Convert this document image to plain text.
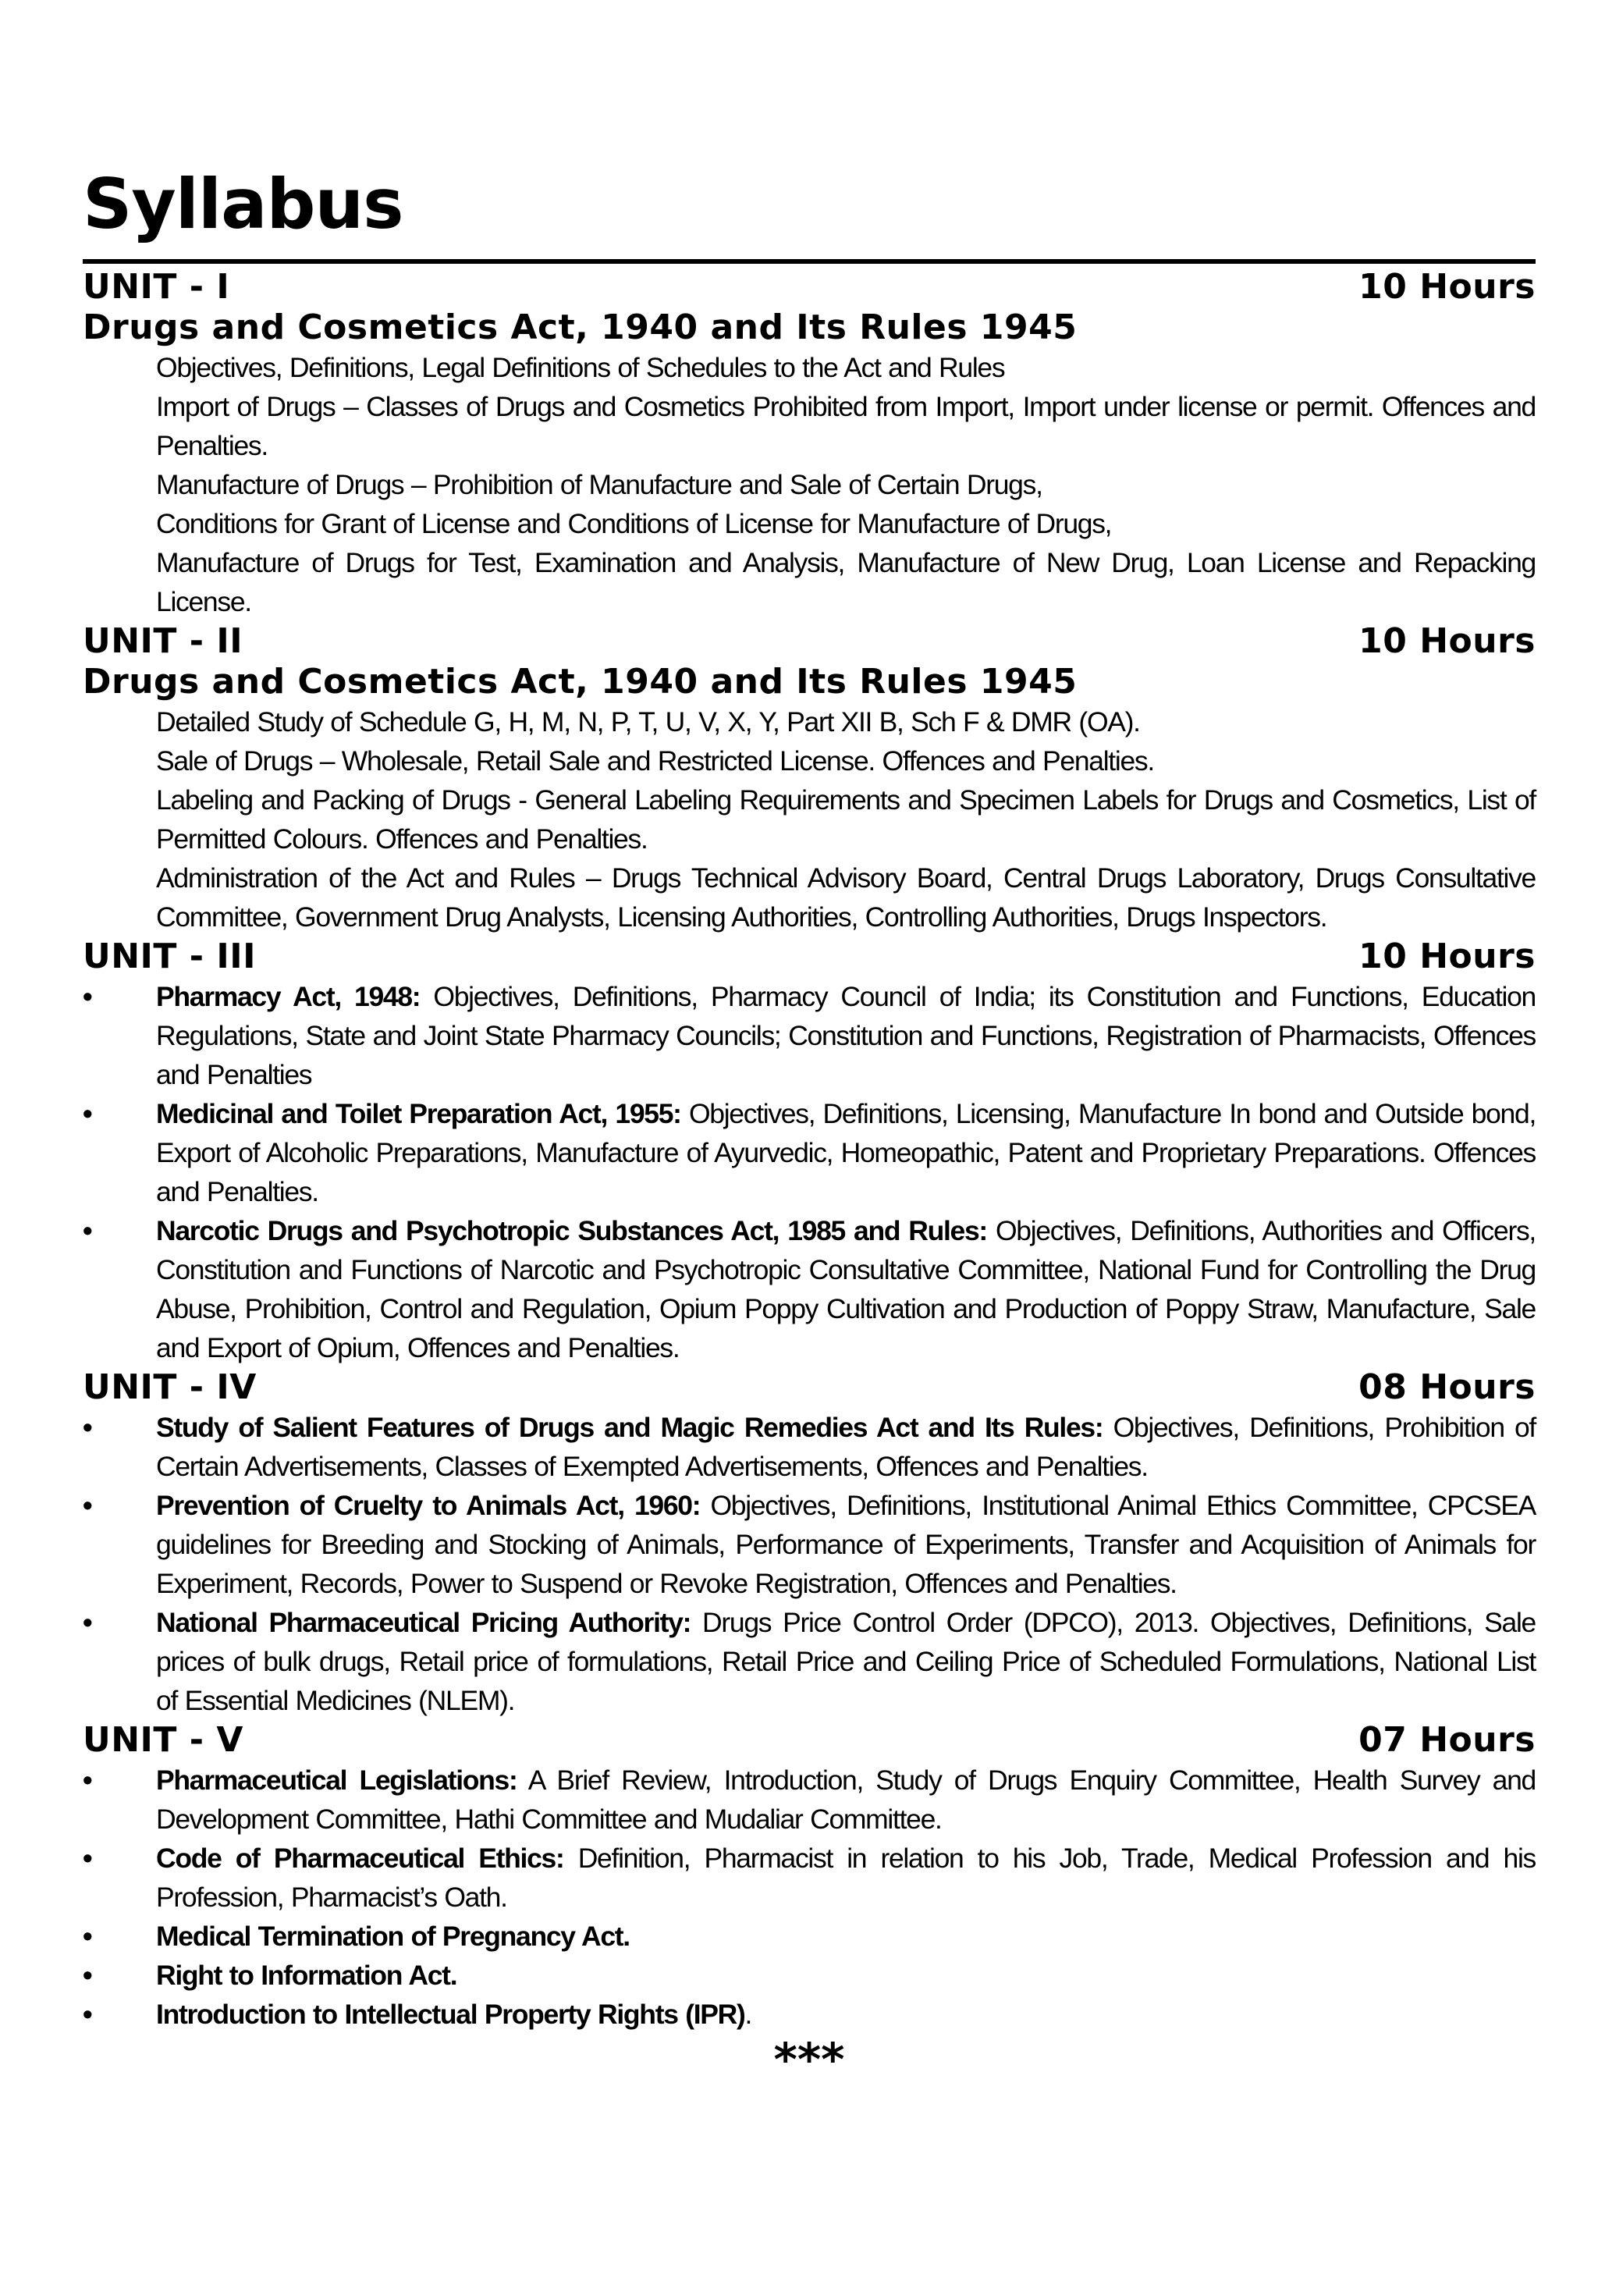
Syllabus
UNIT - I	10 Hours
Drugs and Cosmetics Act, 1940 and Its Rules 1945
Objectives, Definitions, Legal Definitions of Schedules to the Act and Rules
Import of Drugs – Classes of Drugs and Cosmetics Prohibited from Import, Import under license or permit. Offences and Penalties.
Manufacture of Drugs – Prohibition of Manufacture and Sale of Certain Drugs,
Conditions for Grant of License and Conditions of License for Manufacture of Drugs,
Manufacture of Drugs for Test, Examination and Analysis, Manufacture of New Drug, Loan License and Repacking License.
UNIT - II	10 Hours
Drugs and Cosmetics Act, 1940 and Its Rules 1945
Detailed Study of Schedule G, H, M, N, P, T, U, V, X, Y, Part XII B, Sch F & DMR (OA).
Sale of Drugs – Wholesale, Retail Sale and Restricted License. Offences and Penalties.
Labeling and Packing of Drugs - General Labeling Requirements and Specimen Labels for Drugs and Cosmetics, List of Permitted Colours. Offences and Penalties.
Administration of the Act and Rules – Drugs Technical Advisory Board, Central Drugs Laboratory, Drugs Consultative Committee, Government Drug Analysts, Licensing Authorities, Controlling Authorities, Drugs Inspectors.
UNIT - III	10 Hours
•	Pharmacy Act, 1948: Objectives, Definitions, Pharmacy Council of India; its Constitution and Functions, Education Regulations, State and Joint State Pharmacy Councils; Constitution and Functions, Registration of Pharmacists, Offences and Penalties
•	Medicinal and Toilet Preparation Act, 1955: Objectives, Definitions, Licensing, Manufacture In bond and Outside bond, Export of Alcoholic Preparations, Manufacture of Ayurvedic, Homeopathic, Patent and Proprietary Preparations. Offences and Penalties.
•	Narcotic Drugs and Psychotropic Substances Act, 1985 and Rules: Objectives, Definitions, Authorities and Officers, Constitution and Functions of Narcotic and Psychotropic Consultative Committee, National Fund for Controlling the Drug Abuse, Prohibition, Control and Regulation, Opium Poppy Cultivation and Production of Poppy Straw, Manufacture, Sale and Export of Opium, Offences and Penalties.
UNIT - IV	08 Hours
•	Study of Salient Features of Drugs and Magic Remedies Act and Its Rules: Objectives, Definitions, Prohibition of Certain Advertisements, Classes of Exempted Advertisements, Offences and Penalties.
•	Prevention of Cruelty to Animals Act, 1960: Objectives, Definitions, Institutional Animal Ethics Committee, CPCSEA guidelines for Breeding and Stocking of Animals, Performance of Experiments, Transfer and Acquisition of Animals for Experiment, Records, Power to Suspend or Revoke Registration, Offences and Penalties.
•	National Pharmaceutical Pricing Authority: Drugs Price Control Order (DPCO), 2013. Objectives, Definitions, Sale prices of bulk drugs, Retail price of formulations, Retail Price and Ceiling Price of Scheduled Formulations, National List of Essential Medicines (NLEM).
UNIT - V	07 Hours
•	Pharmaceutical Legislations: A Brief Review, Introduction, Study of Drugs Enquiry Committee, Health Survey and Development Committee, Hathi Committee and Mudaliar Committee.
•	Code of Pharmaceutical Ethics: Definition, Pharmacist in relation to his Job, Trade, Medical Profession and his Profession, Pharmacist’s Oath.
•	Medical Termination of Pregnancy Act.
•	Right to Information Act.
•	Introduction to Intellectual Property Rights (IPR).
***
